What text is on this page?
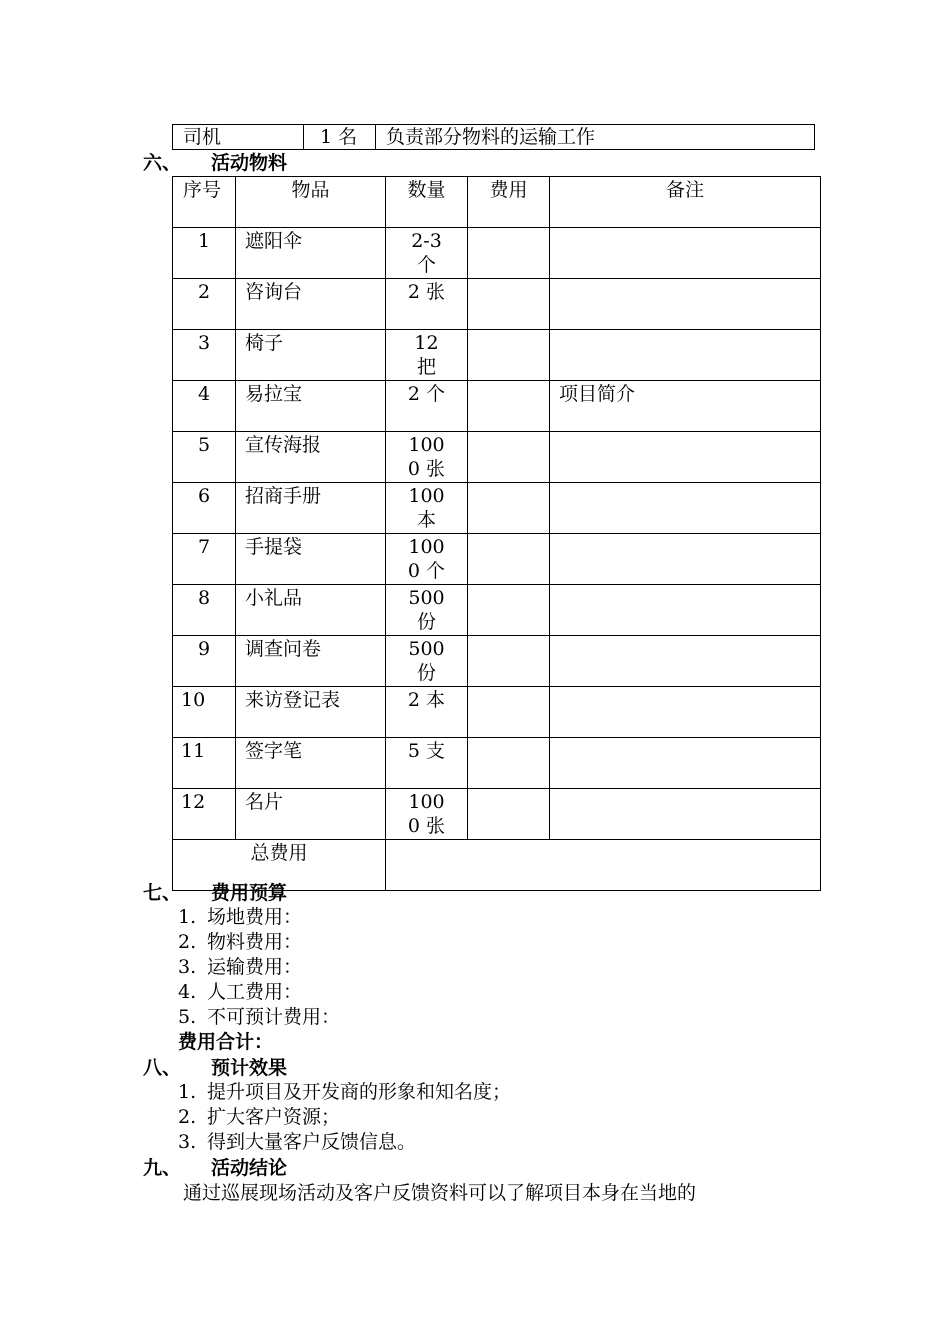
司机	1 名	负责部分物料的运输工作
六、 活动物料
序号	物品	数量	费用	备注
1	遮阳伞	2-3 个		
2	咨询台	2 张		
3	椅子	12 把		
4	易拉宝	2 个		项目简介
5	宣传海报	1000 张		
6	招商手册	100 本		
7	手提袋	1000 个		
8	小礼品	500 份		
9	调查问卷	500 份		
10	来访登记表	2 本		
11	签字笔	5 支		
12	名片	1000 张		
总费用				
七、 费用预算
1. 场地费用：
2. 物料费用：
3. 运输费用：
4. 人工费用：
5. 不可预计费用：
费用合计：
八、 预计效果
1. 提升项目及开发商的形象和知名度；
2. 扩大客户资源；
3. 得到大量客户反馈信息。
九、 活动结论
通过巡展现场活动及客户反馈资料可以了解项目本身在当地的
